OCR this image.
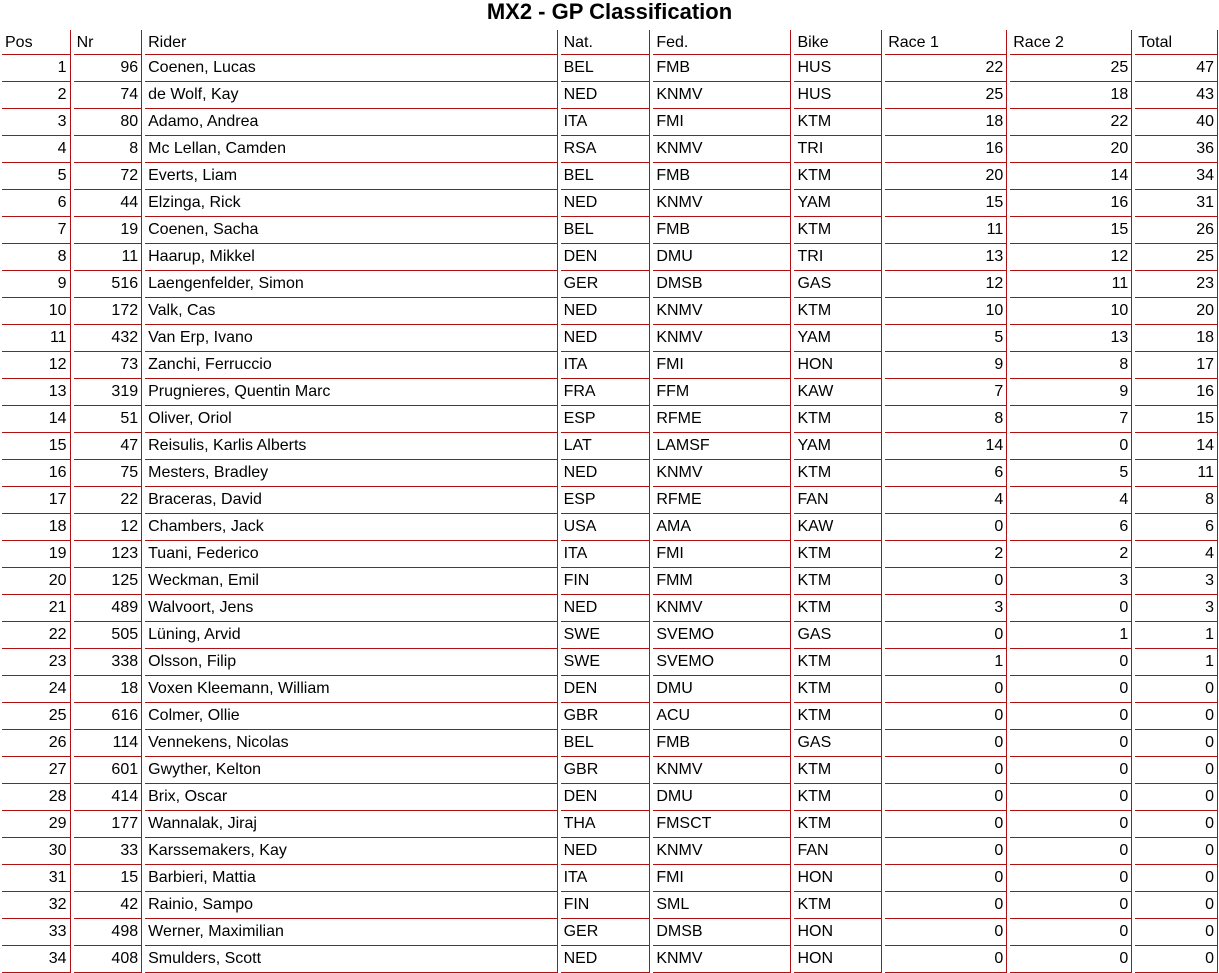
MX2 - GP Classification
Pos	Nr	Rider	Nat.	Fed.	Bike	Race 1	Race 2	Total
1	96	Coenen, Lucas	BEL	FMB	HUS	22	25	47
2	74	de Wolf, Kay	NED	KNMV	HUS	25	18	43
3	80	Adamo, Andrea	ITA	FMI	KTM	18	22	40
4	8	Mc Lellan, Camden	RSA	KNMV	TRI	16	20	36
5	72	Everts, Liam	BEL	FMB	KTM	20	14	34
6	44	Elzinga, Rick	NED	KNMV	YAM	15	16	31
7	19	Coenen, Sacha	BEL	FMB	KTM	11	15	26
8	11	Haarup, Mikkel	DEN	DMU	TRI	13	12	25
9	516	Laengenfelder, Simon	GER	DMSB	GAS	12	11	23
10	172	Valk, Cas	NED	KNMV	KTM	10	10	20
11	432	Van Erp, Ivano	NED	KNMV	YAM	5	13	18
12	73	Zanchi, Ferruccio	ITA	FMI	HON	9	8	17
13	319	Prugnieres, Quentin Marc	FRA	FFM	KAW	7	9	16
14	51	Oliver, Oriol	ESP	RFME	KTM	8	7	15
15	47	Reisulis, Karlis Alberts	LAT	LAMSF	YAM	14	0	14
16	75	Mesters, Bradley	NED	KNMV	KTM	6	5	11
17	22	Braceras, David	ESP	RFME	FAN	4	4	8
18	12	Chambers, Jack	USA	AMA	KAW	0	6	6
19	123	Tuani, Federico	ITA	FMI	KTM	2	2	4
20	125	Weckman, Emil	FIN	FMM	KTM	0	3	3
21	489	Walvoort, Jens	NED	KNMV	KTM	3	0	3
22	505	Lüning, Arvid	SWE	SVEMO	GAS	0	1	1
23	338	Olsson, Filip	SWE	SVEMO	KTM	1	0	1
24	18	Voxen Kleemann, William	DEN	DMU	KTM	0	0	0
25	616	Colmer, Ollie	GBR	ACU	KTM	0	0	0
26	114	Vennekens, Nicolas	BEL	FMB	GAS	0	0	0
27	601	Gwyther, Kelton	GBR	KNMV	KTM	0	0	0
28	414	Brix, Oscar	DEN	DMU	KTM	0	0	0
29	177	Wannalak, Jiraj	THA	FMSCT	KTM	0	0	0
30	33	Karssemakers, Kay	NED	KNMV	FAN	0	0	0
31	15	Barbieri, Mattia	ITA	FMI	HON	0	0	0
32	42	Rainio, Sampo	FIN	SML	KTM	0	0	0
33	498	Werner, Maximilian	GER	DMSB	HON	0	0	0
34	408	Smulders, Scott	NED	KNMV	HON	0	0	0
